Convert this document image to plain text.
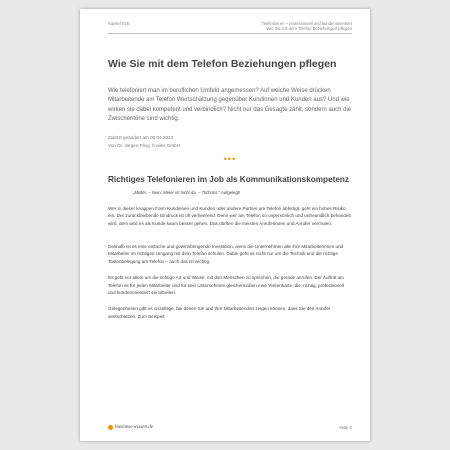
Kapitel 016	Telefonieren – professionell und kundenorientiert
Wie Sie mit dem Telefon Beziehungen pflegen
Wie Sie mit dem Telefon Beziehungen pflegen
Wie telefoniert man im beruflichen Umfeld angemessen? Auf welche Weise drücken Mitarbeitende am Telefon Wertschätzung gegenüber Kundinnen und Kunden aus? Und wie wirken sie dabei kompetent und verbindlich? Nicht nur das Gesagte zählt, sondern auch die Zwischentöne sind wichtig.
Zuletzt geändert am 05.04.2023
Von Dr. Jürgen Fleig, b-wise GmbH
•••
Richtiges Telefonieren im Job als Kommunikationskompetenz
„Müller. – Nein, Meier ist nicht da. – Tschüss.“ Aufgelegt!
Wer in dieser knappen Form Kundinnen und Kunden oder andere Partner am Telefon abfertigt, geht ein hohes Risiko ein. Der zurückbleibende Eindruck ist oft verheerend. Denn wer am Telefon so unpersönlich und unfreundlich behandelt wird, dem wird es als Kunde kaum besser gehen. Das dürften die meisten Anruferinnen und Anrufer vermuten.
Deshalb ist es eine einfache und gewinnbringende Investition, wenn die Unternehmen alle ihre Mitarbeiterinnen und Mitarbeiter im richtigen Umgang mit dem Telefon schulen. Dabei geht es nicht nur um die Technik und die richtige Tastenbelegung am Telefon – auch das ist wichtig.
Es geht vor allem um die richtige Art und Weise, mit den Menschen zu sprechen, die gerade anrufen. Der Auftritt am Telefon ist für jeden Mitarbeiter und für sein Unternehmen gleichermaßen eine Visitenkarte, die, richtig, professionell und kundenorientiert sie arbeiten.
Gelegenheiten gibt es unzählige, bei denen Sie und Ihre Mitarbeitenden zeigen können, dass Sie den Anrufer wertschätzen. Zum Beispiel:
business-wissen.de	Seite 2
